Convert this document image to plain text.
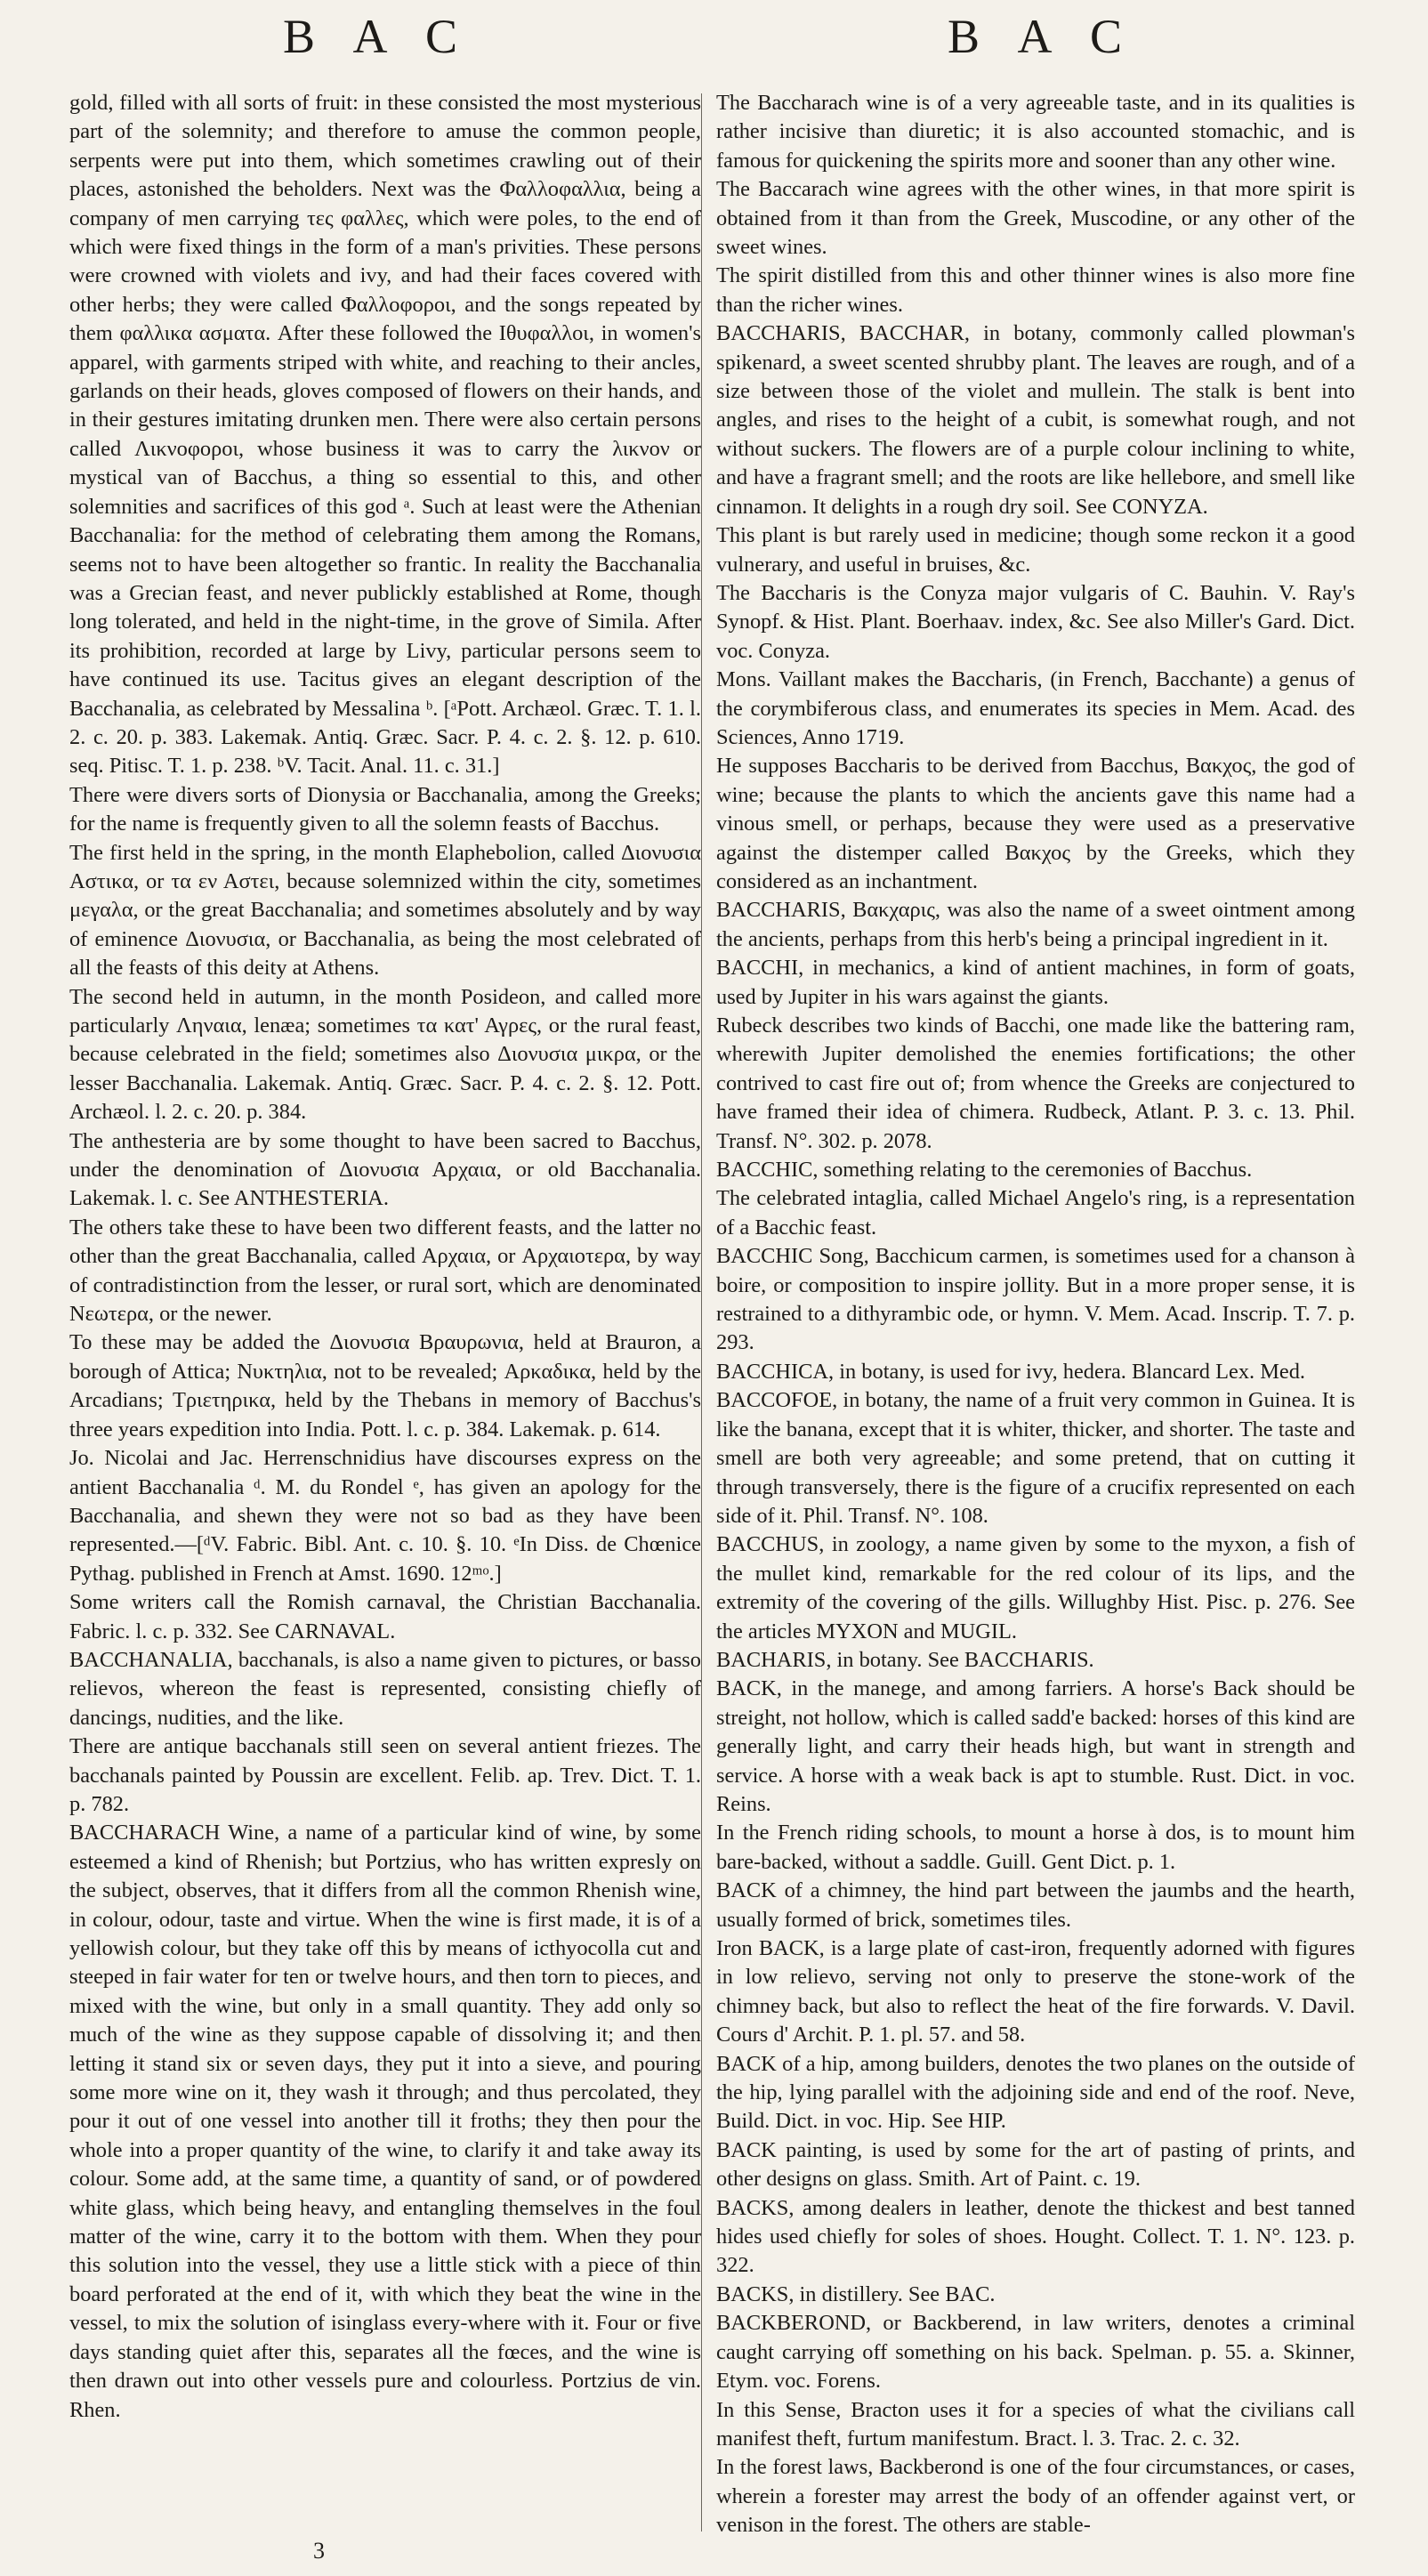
B A C	B A C

gold, filled with all sorts of fruit: in these consisted the most mysterious part of the solemnity; and therefore to amuse the common people, serpents were put into them, which sometimes crawling out of their places, astonished the beholders. Next was the Φαλλοφαλλια, being a company of men carrying τες φαλλες, which were poles, to the end of which were fixed things in the form of a man's privities. These persons were crowned with violets and ivy, and had their faces covered with other herbs; they were called Φαλλοφοροι, and the songs repeated by them φαλλικα ασματα. After these followed the Ιθυφαλλοι, in women's apparel, with garments striped with white, and reaching to their ancles, garlands on their heads, gloves composed of flowers on their hands, and in their gestures imitating drunken men. There were also certain persons called Λικνοφοροι, whose business it was to carry the λικνον or mystical van of Bacchus, a thing so essential to this, and other solemnities and sacrifices of this god ᵃ. Such at least were the Athenian Bacchanalia: for the method of celebrating them among the Romans, seems not to have been altogether so frantic. In reality the Bacchanalia was a Grecian feast, and never publickly established at Rome, though long tolerated, and held in the night-time, in the grove of Simila. After its prohibition, recorded at large by Livy, particular persons seem to have continued its use. Tacitus gives an elegant description of the Bacchanalia, as celebrated by Messalina ᵇ. [ᵃPott. Archæol. Græc. T. 1. l. 2. c. 20. p. 383. Lakemak. Antiq. Græc. Sacr. P. 4. c. 2. §. 12. p. 610. seq. Pitisc. T. 1. p. 238. ᵇV. Tacit. Anal. 11. c. 31.]

There were divers sorts of Dionysia or Bacchanalia, among the Greeks; for the name is frequently given to all the solemn feasts of Bacchus.

The first held in the spring, in the month Elaphebolion, called Διονυσια Αστικα, or τα εν Αστει, because solemnized within the city, sometimes μεγαλα, or the great Bacchanalia; and sometimes absolutely and by way of eminence Διονυσια, or Bacchanalia, as being the most celebrated of all the feasts of this deity at Athens.

The second held in autumn, in the month Posideon, and called more particularly Ληναια, lenæa; sometimes τα κατ' Αγρες, or the rural feast, because celebrated in the field; sometimes also Διονυσια μικρα, or the lesser Bacchanalia. Lakemak. Antiq. Græc. Sacr. P. 4. c. 2. §. 12. Pott. Archæol. l. 2. c. 20. p. 384.

The anthesteria are by some thought to have been sacred to Bacchus, under the denomination of Διονυσια Αρχαια, or old Bacchanalia. Lakemak. l. c. See ANTHESTERIA.

The others take these to have been two different feasts, and the latter no other than the great Bacchanalia, called Αρχαια, or Αρχαιοτερα, by way of contradistinction from the lesser, or rural sort, which are denominated Νεωτερα, or the newer.

To these may be added the Διονυσια Βραυρωνια, held at Brauron, a borough of Attica; Νυκτηλια, not to be revealed; Αρκαδικα, held by the Arcadians; Τριετηρικα, held by the Thebans in memory of Bacchus's three years expedition into India. Pott. l. c. p. 384. Lakemak. p. 614.

Jo. Nicolai and Jac. Herrenschnidius have discourses express on the antient Bacchanalia ᵈ. M. du Rondel ᵉ, has given an apology for the Bacchanalia, and shewn they were not so bad as they have been represented.—[ᵈV. Fabric. Bibl. Ant. c. 10. §. 10. ᵉIn Diss. de Chœnice Pythag. published in French at Amst. 1690. 12ᵐᵒ.]

Some writers call the Romish carnaval, the Christian Bacchanalia. Fabric. l. c. p. 332. See CARNAVAL.

BACCHANALIA, bacchanals, is also a name given to pictures, or basso relievos, whereon the feast is represented, consisting chiefly of dancings, nudities, and the like.

There are antique bacchanals still seen on several antient friezes. The bacchanals painted by Poussin are excellent. Felib. ap. Trev. Dict. T. 1. p. 782.

BACCHARACH Wine, a name of a particular kind of wine, by some esteemed a kind of Rhenish; but Portzius, who has written expresly on the subject, observes, that it differs from all the common Rhenish wine, in colour, odour, taste and virtue. When the wine is first made, it is of a yellowish colour, but they take off this by means of icthyocolla cut and steeped in fair water for ten or twelve hours, and then torn to pieces, and mixed with the wine, but only in a small quantity. They add only so much of the wine as they suppose capable of dissolving it; and then letting it stand six or seven days, they put it into a sieve, and pouring some more wine on it, they wash it through; and thus percolated, they pour it out of one vessel into another till it froths; they then pour the whole into a proper quantity of the wine, to clarify it and take away its colour. Some add, at the same time, a quantity of sand, or of powdered white glass, which being heavy, and entangling themselves in the foul matter of the wine, carry it to the bottom with them. When they pour this solution into the vessel, they use a little stick with a piece of thin board perforated at the end of it, with which they beat the wine in the vessel, to mix the solution of isinglass every-where with it. Four or five days standing quiet after this, separates all the fœces, and the wine is then drawn out into other vessels pure and colourless. Portzius de vin. Rhen.

The Baccharach wine is of a very agreeable taste, and in its qualities is rather incisive than diuretic; it is also accounted stomachic, and is famous for quickening the spirits more and sooner than any other wine.

The Baccarach wine agrees with the other wines, in that more spirit is obtained from it than from the Greek, Muscodine, or any other of the sweet wines.

The spirit distilled from this and other thinner wines is also more fine than the richer wines.

BACCHARIS, BACCHAR, in botany, commonly called plowman's spikenard, a sweet scented shrubby plant. The leaves are rough, and of a size between those of the violet and mullein. The stalk is bent into angles, and rises to the height of a cubit, is somewhat rough, and not without suckers. The flowers are of a purple colour inclining to white, and have a fragrant smell; and the roots are like hellebore, and smell like cinnamon. It delights in a rough dry soil. See CONYZA.

This plant is but rarely used in medicine; though some reckon it a good vulnerary, and useful in bruises, &c.

The Baccharis is the Conyza major vulgaris of C. Bauhin. V. Ray's Synopf. & Hist. Plant. Boerhaav. index, &c. See also Miller's Gard. Dict. voc. Conyza.

Mons. Vaillant makes the Baccharis, (in French, Bacchante) a genus of the corymbiferous class, and enumerates its species in Mem. Acad. des Sciences, Anno 1719.

He supposes Baccharis to be derived from Bacchus, Βακχος, the god of wine; because the plants to which the ancients gave this name had a vinous smell, or perhaps, because they were used as a preservative against the distemper called Βακχος by the Greeks, which they considered as an inchantment.

BACCHARIS, Βακχαρις, was also the name of a sweet ointment among the ancients, perhaps from this herb's being a principal ingredient in it.

BACCHI, in mechanics, a kind of antient machines, in form of goats, used by Jupiter in his wars against the giants.

Rubeck describes two kinds of Bacchi, one made like the battering ram, wherewith Jupiter demolished the enemies fortifications; the other contrived to cast fire out of; from whence the Greeks are conjectured to have framed their idea of chimera. Rudbeck, Atlant. P. 3. c. 13. Phil. Transf. N°. 302. p. 2078.

BACCHIC, something relating to the ceremonies of Bacchus.

The celebrated intaglia, called Michael Angelo's ring, is a representation of a Bacchic feast.

BACCHIC Song, Bacchicum carmen, is sometimes used for a chanson à boire, or composition to inspire jollity. But in a more proper sense, it is restrained to a dithyrambic ode, or hymn. V. Mem. Acad. Inscrip. T. 7. p. 293.

BACCHICA, in botany, is used for ivy, hedera. Blancard Lex. Med.

BACCOFOE, in botany, the name of a fruit very common in Guinea. It is like the banana, except that it is whiter, thicker, and shorter. The taste and smell are both very agreeable; and some pretend, that on cutting it through transversely, there is the figure of a crucifix represented on each side of it. Phil. Transf. N°. 108.

BACCHUS, in zoology, a name given by some to the myxon, a fish of the mullet kind, remarkable for the red colour of its lips, and the extremity of the covering of the gills. Willughby Hist. Pisc. p. 276. See the articles MYXON and MUGIL.

BACHARIS, in botany. See BACCHARIS.

BACK, in the manege, and among farriers. A horse's Back should be streight, not hollow, which is called sadd'e backed: horses of this kind are generally light, and carry their heads high, but want in strength and service. A horse with a weak back is apt to stumble. Rust. Dict. in voc. Reins.

In the French riding schools, to mount a horse à dos, is to mount him bare-backed, without a saddle. Guill. Gent Dict. p. 1.

BACK of a chimney, the hind part between the jaumbs and the hearth, usually formed of brick, sometimes tiles.

Iron BACK, is a large plate of cast-iron, frequently adorned with figures in low relievo, serving not only to preserve the stone-work of the chimney back, but also to reflect the heat of the fire forwards. V. Davil. Cours d' Archit. P. 1. pl. 57. and 58.

BACK of a hip, among builders, denotes the two planes on the outside of the hip, lying parallel with the adjoining side and end of the roof. Neve, Build. Dict. in voc. Hip. See HIP.

BACK painting, is used by some for the art of pasting of prints, and other designs on glass. Smith. Art of Paint. c. 19.

BACKS, among dealers in leather, denote the thickest and best tanned hides used chiefly for soles of shoes. Hought. Collect. T. 1. N°. 123. p. 322.

BACKS, in distillery. See BAC.

BACKBEROND, or Backberend, in law writers, denotes a criminal caught carrying off something on his back. Spelman. p. 55. a. Skinner, Etym. voc. Forens.

In this Sense, Bracton uses it for a species of what the civilians call manifest theft, furtum manifestum. Bract. l. 3. Trac. 2. c. 32.

In the forest laws, Backberond is one of the four circumstances, or cases, wherein a forester may arrest the body of an offender against vert, or venison in the forest. The others are stable-

3
